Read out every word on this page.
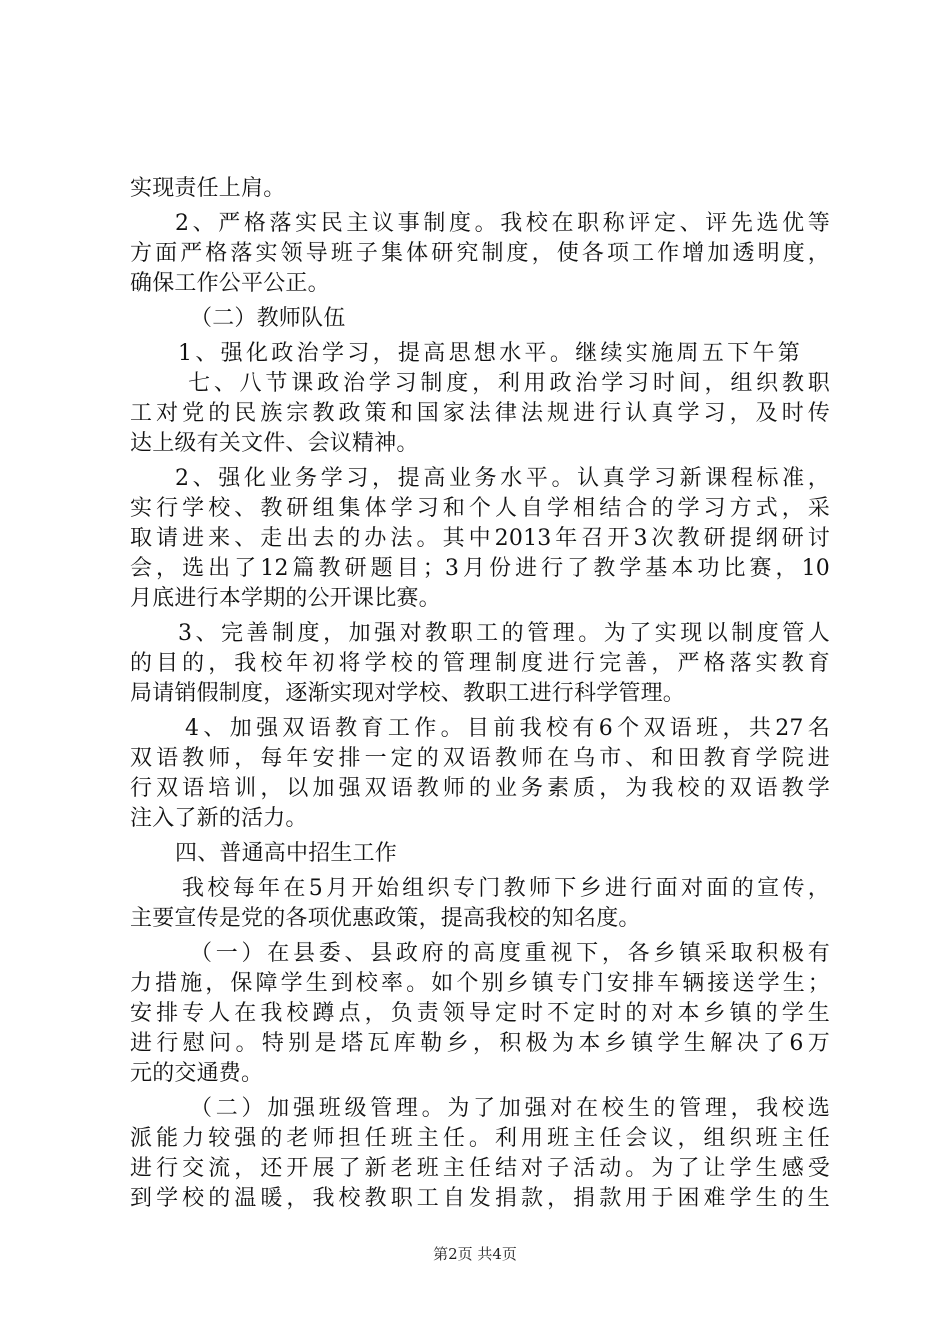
实现责任上肩。
2、严格落实民主议事制度。我校在职称评定、评先选优等
方面严格落实领导班子集体研究制度，使各项工作增加透明度，
确保工作公平公正。
（二）教师队伍
1、强化政治学习，提高思想水平。继续实施周五下午第
七、八节课政治学习制度，利用政治学习时间，组织教职
工对党的民族宗教政策和国家法律法规进行认真学习，及时传
达上级有关文件、会议精神。
2、强化业务学习，提高业务水平。认真学习新课程标准，
实行学校、教研组集体学习和个人自学相结合的学习方式，采
取请进来、走出去的办法。其中2013年召开3次教研提纲研讨
会，选出了12篇教研题目；3月份进行了教学基本功比赛，10
月底进行本学期的公开课比赛。
3、完善制度，加强对教职工的管理。为了实现以制度管人
的目的，我校年初将学校的管理制度进行完善，严格落实教育
局请销假制度，逐渐实现对学校、教职工进行科学管理。
4、加强双语教育工作。目前我校有6个双语班，共27名
双语教师，每年安排一定的双语教师在乌市、和田教育学院进
行双语培训，以加强双语教师的业务素质，为我校的双语教学
注入了新的活力。
四、普通高中招生工作
我校每年在5月开始组织专门教师下乡进行面对面的宣传，
主要宣传是党的各项优惠政策，提高我校的知名度。
（一）在县委、县政府的高度重视下，各乡镇采取积极有
力措施，保障学生到校率。如个别乡镇专门安排车辆接送学生；
安排专人在我校蹲点，负责领导定时不定时的对本乡镇的学生
进行慰问。特别是塔瓦库勒乡，积极为本乡镇学生解决了6万
元的交通费。
（二）加强班级管理。为了加强对在校生的管理，我校选
派能力较强的老师担任班主任。利用班主任会议，组织班主任
进行交流，还开展了新老班主任结对子活动。为了让学生感受
到学校的温暖，我校教职工自发捐款，捐款用于困难学生的生
第2页 共4页
